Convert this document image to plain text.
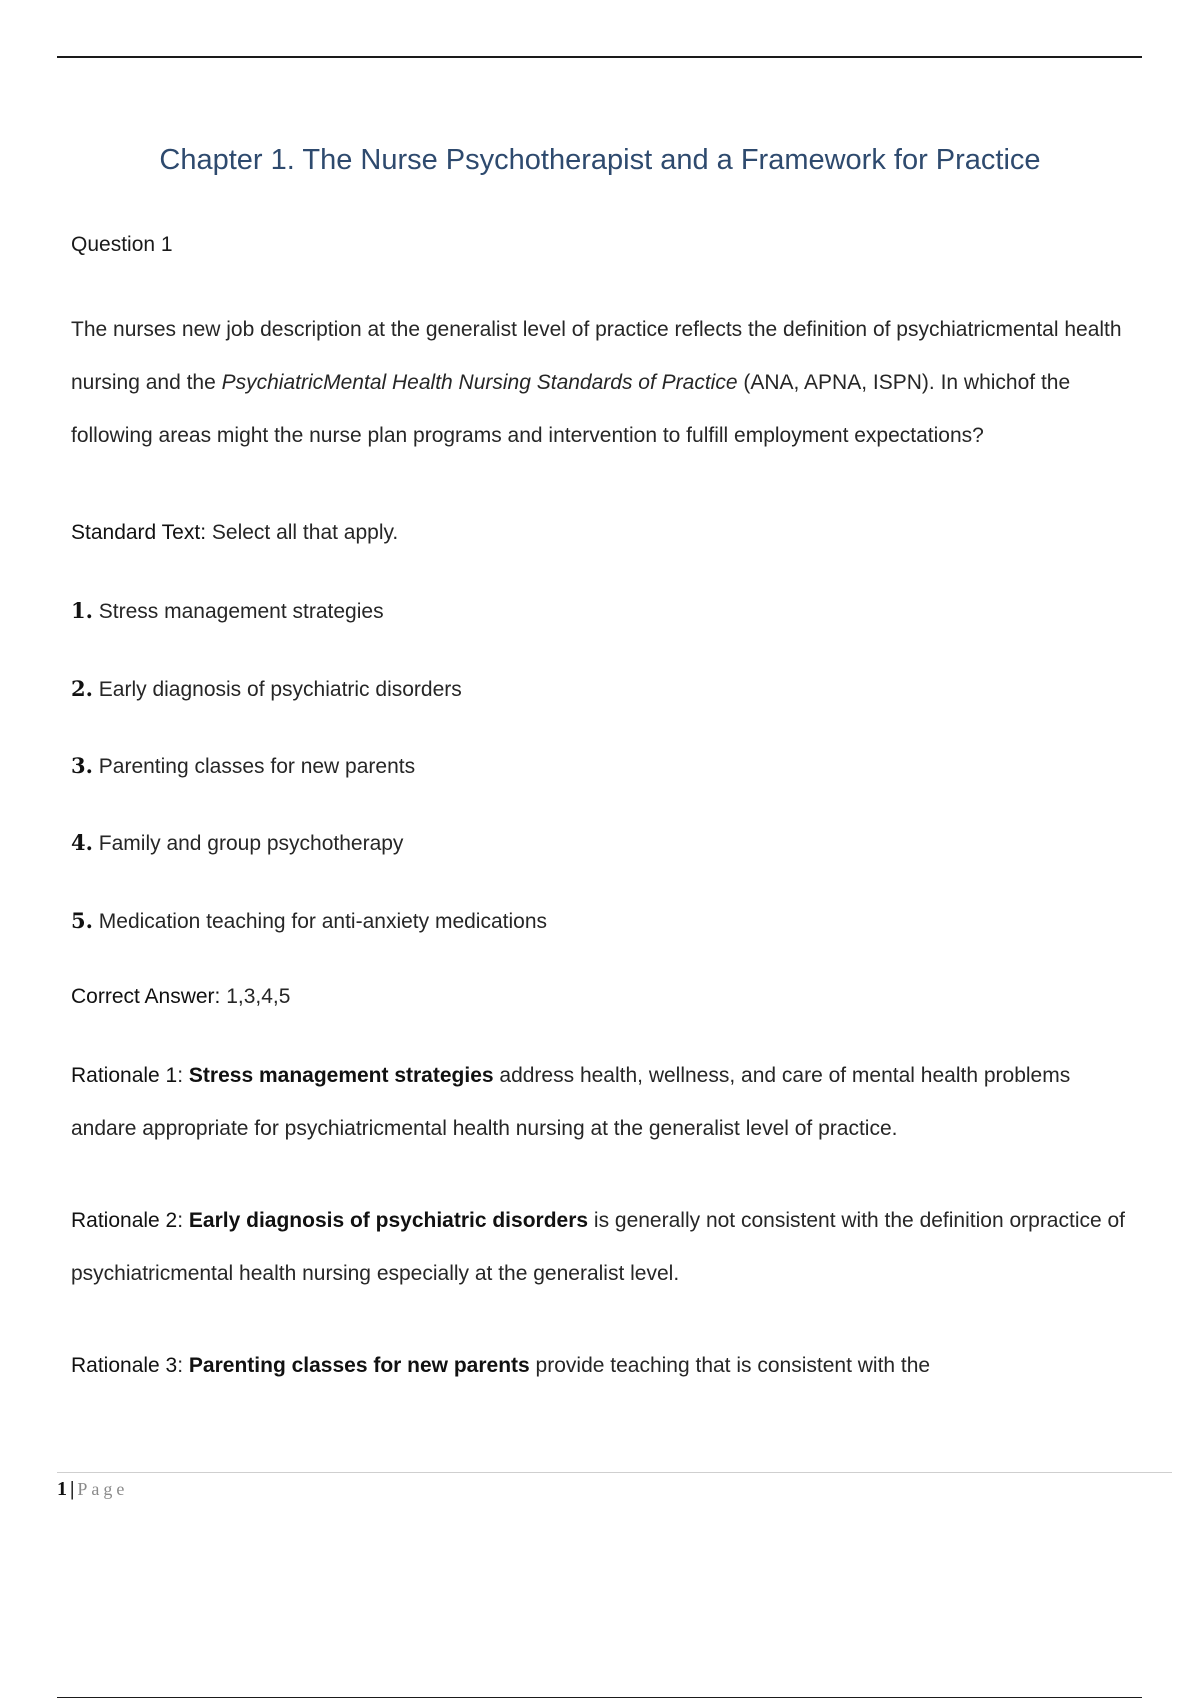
Chapter 1. The Nurse Psychotherapist and a Framework for Practice

Question 1

The nurses new job description at the generalist level of practice reflects the definition of psychiatricmental health nursing and the PsychiatricMental Health Nursing Standards of Practice (ANA, APNA, ISPN). In whichof the following areas might the nurse plan programs and intervention to fulfill employment expectations?

Standard Text: Select all that apply.

1. Stress management strategies

2. Early diagnosis of psychiatric disorders

3. Parenting classes for new parents

4. Family and group psychotherapy

5. Medication teaching for anti-anxiety medications

Correct Answer: 1,3,4,5

Rationale 1: Stress management strategies address health, wellness, and care of mental health problems andare appropriate for psychiatricmental health nursing at the generalist level of practice.

Rationale 2: Early diagnosis of psychiatric disorders is generally not consistent with the definition orpractice of psychiatricmental health nursing especially at the generalist level.

Rationale 3: Parenting classes for new parents provide teaching that is consistent with the

1 | Page
